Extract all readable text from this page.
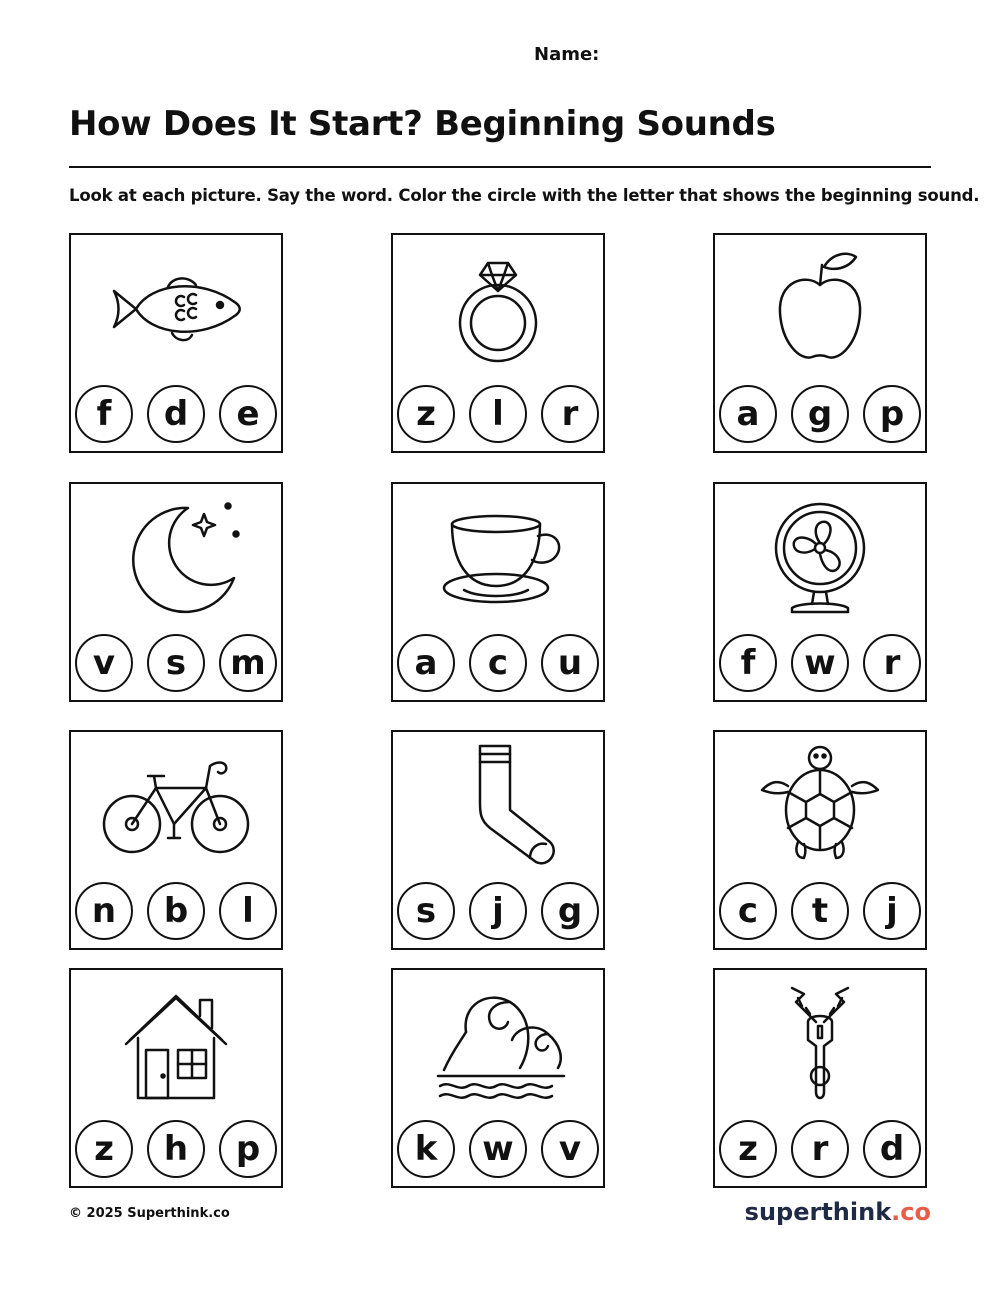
Name:
How Does It Start? Beginning Sounds
Look at each picture. Say the word. Color the circle with the letter that shows the beginning sound.
f	d	e	z	l	r	a	g	p
v	s	m	a	c	u	f	w	r
n	b	l	s	j	g	c	t	j
z	h	p	k	w	v	z	r	d
© 2025 Superthink.co	superthink.co
